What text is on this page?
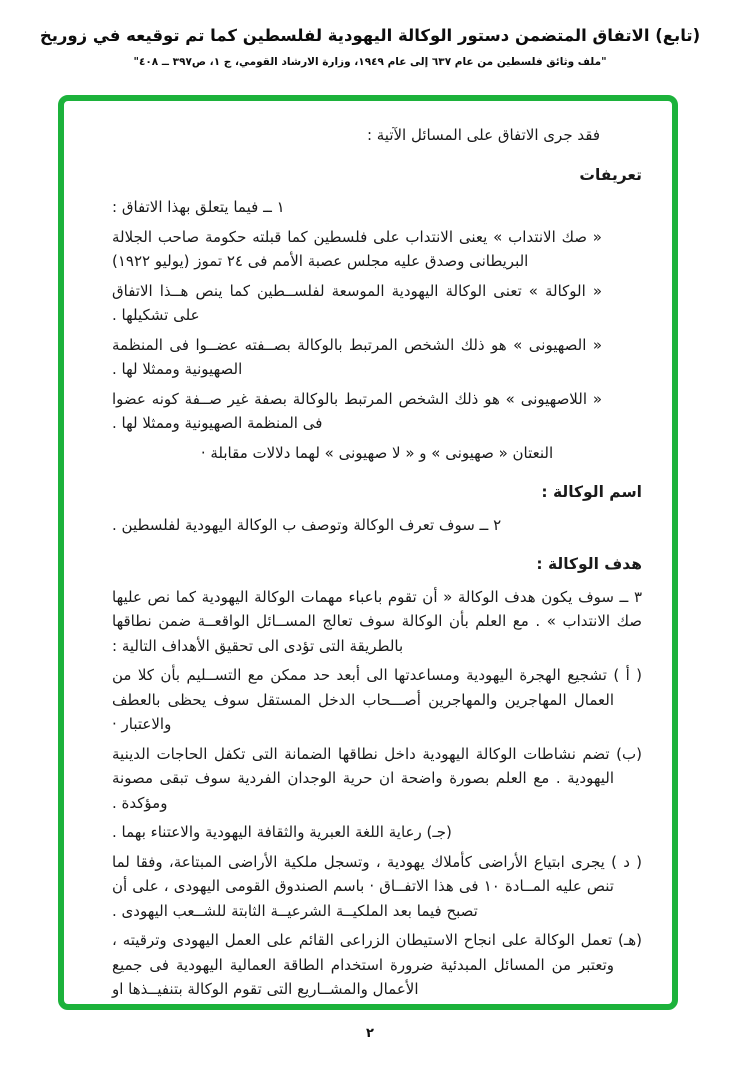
(تابع) الاتفاق المتضمن دستور الوكالة اليهودية لفلسطين كما تم توقيعه في زوريخ
"ملف وثائق فلسطين من عام ٦٣٧ إلى عام ١٩٤٩، وزارة الارشاد القومي، ج ١، ص٣٩٧ ــ ٤٠٨"
فقد جرى الاتفاق على المسائل الآتية :
تعريفات
١ ــ فيما يتعلق بهذا الاتفاق :
« صك الانتداب » يعنى الانتداب على فلسطين كما قبلته حكومة صاحب الجلالة البريطانى وصدق عليه مجلس عصبة الأمم فى ٢٤ تموز (يوليو ١٩٢٢)
« الوكالة » تعنى الوكالة اليهودية الموسعة لفلســطين كما ينص هــذا الاتفاق على تشكيلها .
« الصهيونى » هو ذلك الشخص المرتبط بالوكالة بصــفته عضــوا فى المنظمة الصهيونية وممثلا لها .
« اللاصهيونى » هو ذلك الشخص المرتبط بالوكالة بصفة غير صــفة كونه عضوا فى المنظمة الصهيونية وممثلا لها .
النعتان « صهيونى » و « لا صهيونى » لهما دلالات مقابلة ·
اسم الوكالة :
٢ ــ سوف تعرف الوكالة وتوصف ب الوكالة اليهودية لفلسطين .
هدف الوكالة :
٣ ــ سوف يكون هدف الوكالة « أن تقوم باعباء مهمات الوكالة اليهودية كما نص عليها صك الانتداب » . مع العلم بأن الوكالة سوف تعالج المســائل الواقعــة ضمن نطاقها بالطريقة التى تؤدى الى تحقيق الأهداف التالية :
( أ ) تشجيع الهجرة اليهودية ومساعدتها الى أبعد حد ممكن مع التســليم بأن كلا من العمال المهاجرين والمهاجرين أصـــحاب الدخل المستقل سوف يحظى بالعطف والاعتبار ·
(ب) تضم نشاطات الوكالة اليهودية داخل نطاقها الضمانة التى تكفل الحاجات الدينية اليهودية . مع العلم بصورة واضحة ان حرية الوجدان الفردية سوف تبقى مصونة ومؤكدة .
(جـ) رعاية اللغة العبرية والثقافة اليهودية والاعتناء بهما .
( د ) يجرى ابتياع الأراضى كأملاك يهودية ، وتسجل ملكية الأراضى المبتاعة، وفقا لما تنص عليه المــادة ١٠ فى هذا الاتفــاق · باسم الصندوق القومى اليهودى ، على أن تصبح فيما بعد الملكيــة الشرعيــة الثابتة للشــعب اليهودى .
(هـ) تعمل الوكالة على انجاح الاستيطان الزراعى القائم على العمل اليهودى وترقيته ، وتعتبر من المسائل المبدئية ضرورة استخدام الطاقة العمالية اليهودية فى جميع الأعمال والمشــاريع التى تقوم الوكالة بتنفيــذها او
٢
